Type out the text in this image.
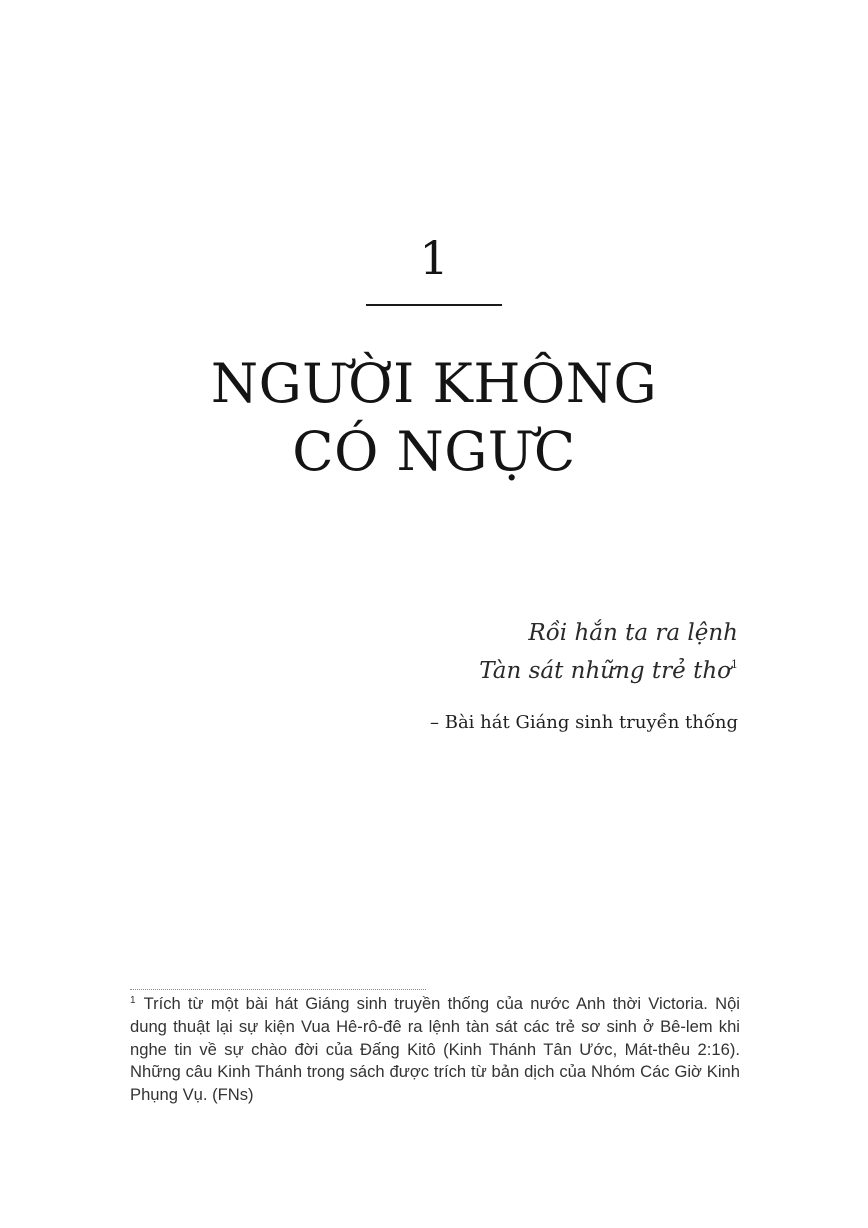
1
NGƯỜI KHÔNG
CÓ NGỰC
Rồi hắn ta ra lệnh
Tàn sát những trẻ thơ$^1$
– Bài hát Giáng sinh truyền thống
$^1$ Trích từ một bài hát Giáng sinh truyền thống của nước Anh thời Victoria. Nội dung thuật lại sự kiện Vua Hê-rô-đê ra lệnh tàn sát các trẻ sơ sinh ở Bê-lem khi nghe tin về sự chào đời của Đấng Kitô (Kinh Thánh Tân Ước, Mát-thêu 2:16). Những câu Kinh Thánh trong sách được trích từ bản dịch của Nhóm Các Giờ Kinh Phụng Vụ. (FNs)
